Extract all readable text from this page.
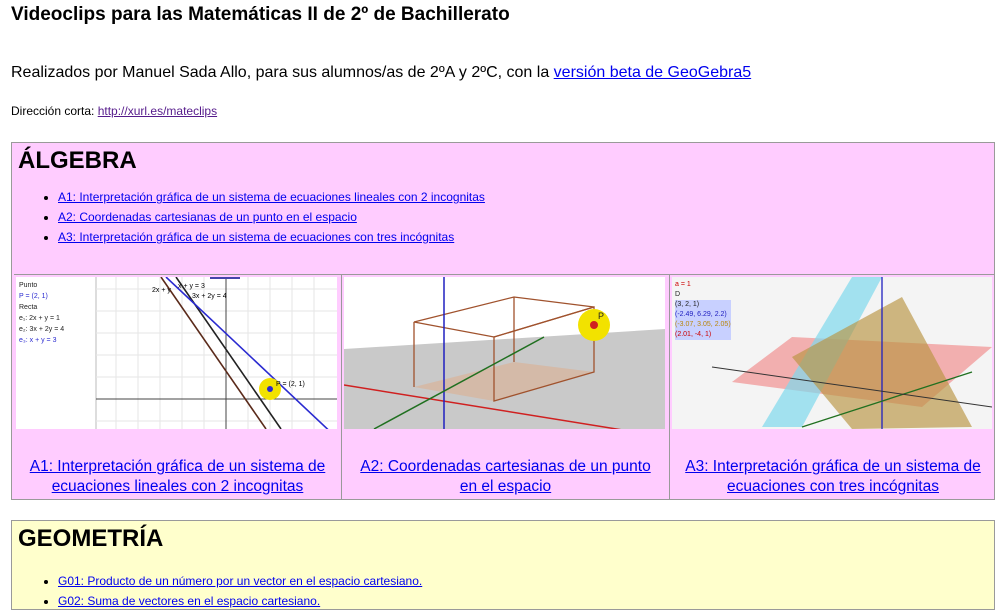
Videoclips para las Matemáticas II de 2º de Bachillerato
Realizados por Manuel Sada Allo, para sus alumnos/as de 2ºA y 2ºC, con la versión beta de GeoGebra5
Dirección corta: http://xurl.es/mateclips
ÁLGEBRA
• A1: Interpretación gráfica de un sistema de ecuaciones lineales con 2 incognitas
• A2: Coordenadas cartesianas de un punto en el espacio
• A3: Interpretación gráfica de un sistema de ecuaciones con tres incógnitas
Punto
P = (2, 1)
Recta
e₁: 2x + y = 1
e₂: 3x + 2y = 4
e₃: x + y = 3
2x + y
x + y = 3
3x + 2y = 4
P = (2, 1)
A1: Interpretación gráfica de un sistema de ecuaciones lineales con 2 incognitas
P
A2: Coordenadas cartesianas de un punto en el espacio
a = 1
D
(3, 2, 1)
(-2.49, 6.29, 2.2)
(-3.07, 3.05, 2.05)
(2.01, -4, 1)
A3: Interpretación gráfica de un sistema de ecuaciones con tres incógnitas
GEOMETRÍA
• G01: Producto de un número por un vector en el espacio cartesiano.
• G02: Suma de vectores en el espacio cartesiano.
